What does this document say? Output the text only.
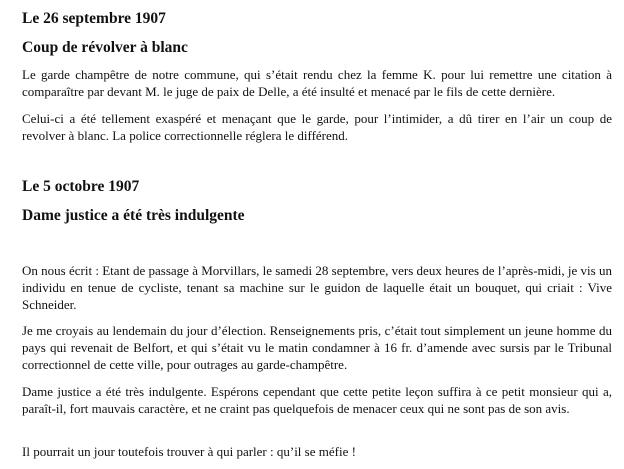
Le 26 septembre 1907
Coup de révolver à blanc

Le garde champêtre de notre commune, qui s’était rendu chez la femme K. pour lui remettre une citation à comparaître par devant M. le juge de paix de Delle, a été insulté et menacé par le fils de cette dernière.

Celui-ci a été tellement exaspéré et menaçant que le garde, pour l’intimider, a dû tirer en l’air un coup de revolver à blanc. La police correctionnelle réglera le différend.

Le 5 octobre 1907
Dame justice a été très indulgente

On nous écrit : Etant de passage à Morvillars, le samedi 28 septembre, vers deux heures de l’après-midi, je vis un individu en tenue de cycliste, tenant sa machine sur le guidon de laquelle était un bouquet, qui criait : Vive Schneider.

Je me croyais au lendemain du jour d’élection. Renseignements pris, c’était tout simplement un jeune homme du pays qui revenait de Belfort, et qui s’était vu le matin condamner à 16 fr. d’amende avec sursis par le Tribunal correctionnel de cette ville, pour outrages au garde-champêtre.

Dame justice a été très indulgente. Espérons cependant que cette petite leçon suffira à ce petit monsieur qui a, paraît-il, fort mauvais caractère, et ne craint pas quelquefois de menacer ceux qui ne sont pas de son avis.

Il pourrait un jour toutefois trouver à qui parler : qu’il se méfie !
